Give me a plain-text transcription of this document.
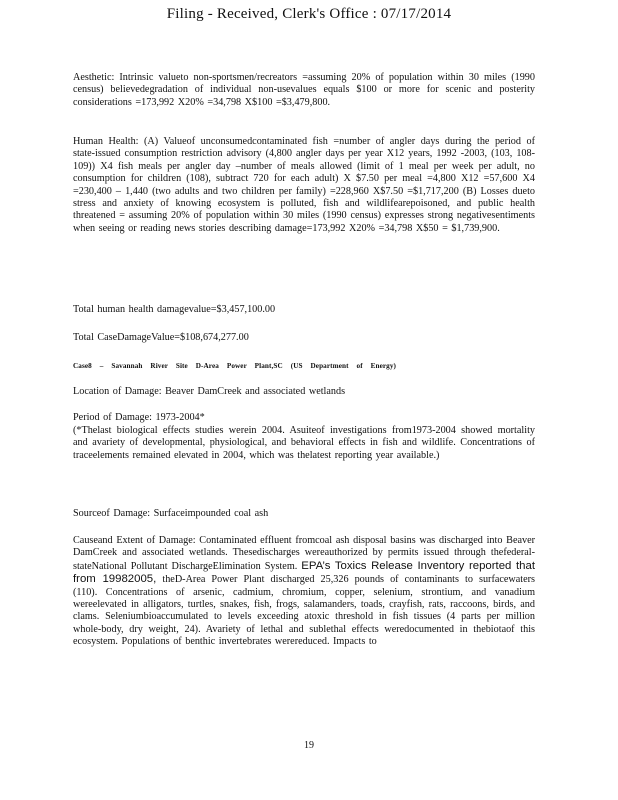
Filing - Received, Clerk's Office : 07/17/2014

Aesthetic: Intrinsic valueto non-sportsmen/recreators =assuming 20% of population within 30 miles (1990 census) believedegradation of individual non-usevalues equals $100 or more for scenic and posterity considerations =173,992 X20% =34,798 X$100 =$3,479,800.

Human Health: (A) Valueof unconsumedcontaminated fish =number of angler days during the period of state-issued consumption restriction advisory (4,800 angler days per year X12 years, 1992 -2003, (103, 108-109)) X4 fish meals per angler day –number of meals allowed (limit of 1 meal per week per adult, no consumption for children (108), subtract 720 for each adult) X $7.50 per meal =4,800 X12 =57,600 X4 =230,400 – 1,440 (two adults and two children per family) =228,960 X$7.50 =$1,717,200 (B) Losses dueto stress and anxiety of knowing ecosystem is polluted, fish and wildlifearepoisoned, and public health threatened = assuming 20% of population within 30 miles (1990 census) expresses strong negativesentiments when seeing or reading news stories describing damage=173,992 X20% =34,798 X$50 = $1,739,900.

Total human health damagevalue=$3,457,100.00

Total CaseDamageValue=$108,674,277.00

Case8 – Savannah River Site D-Area Power Plant,SC (US Department of Energy)

Location of Damage: Beaver DamCreek and associated wetlands

Period of Damage: 1973-2004*

(*Thelast biological effects studies werein 2004. Asuiteof investigations from1973-2004 showed mortality and avariety of developmental, physiological, and behavioral effects in fish and wildlife. Concentrations of traceelements remained elevated in 2004, which was thelatest reporting year available.)

Sourceof Damage: Surfaceimpounded coal ash

Causeand Extent of Damage: Contaminated effluent fromcoal ash disposal basins was discharged into Beaver DamCreek and associated wetlands. Thesedischarges wereauthorized by permits issued through thefederal-stateNational Pollutant DischargeElimination System. EPA’s Toxics Release Inventory reported that from 19982005, theD-Area Power Plant discharged 25,326 pounds of contaminants to surfacewaters (110). Concentrations of arsenic, cadmium, chromium, copper, selenium, strontium, and vanadium wereelevated in alligators, turtles, snakes, fish, frogs, salamanders, toads, crayfish, rats, raccoons, birds, and clams. Seleniumbioaccumulated to levels exceeding atoxic threshold in fish tissues (4 parts per million whole-body, dry weight, 24). Avariety of lethal and sublethal effects weredocumented in thebiotaof this ecosystem. Populations of benthic invertebrates werereduced. Impacts to

19
